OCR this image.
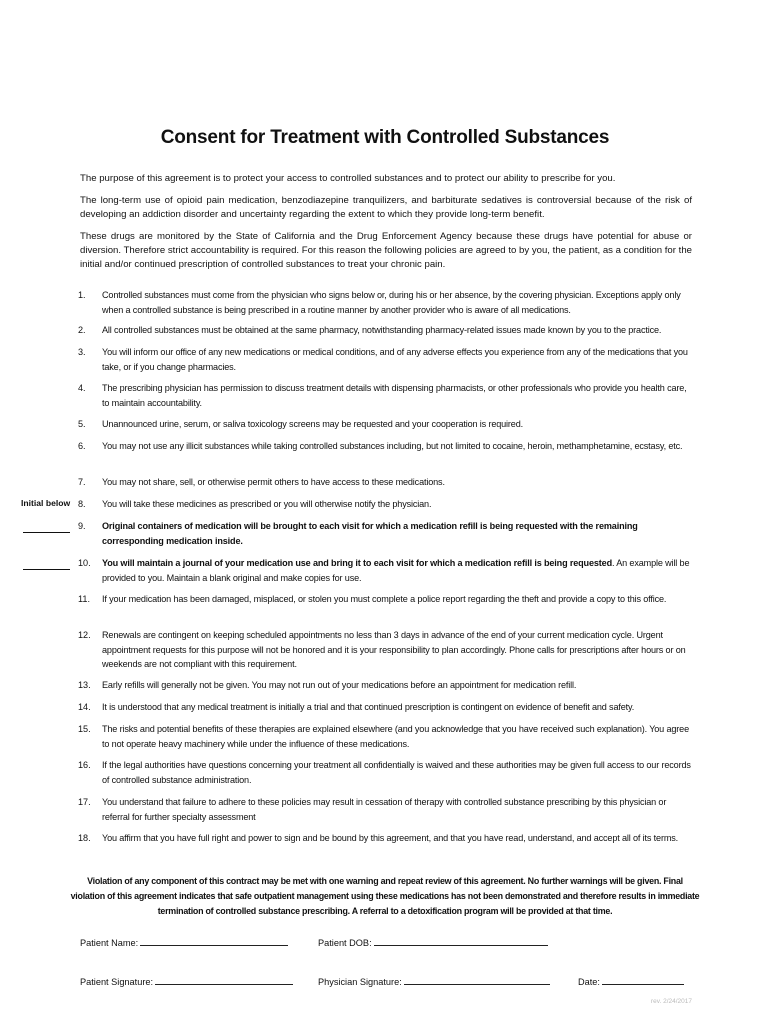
Consent for Treatment with Controlled Substances

The purpose of this agreement is to protect your access to controlled substances and to protect our ability to prescribe for you.

The long-term use of opioid pain medication, benzodiazepine tranquilizers, and barbiturate sedatives is controversial because of the risk of developing an addiction disorder and uncertainty regarding the extent to which they provide long-term benefit.

These drugs are monitored by the State of California and the Drug Enforcement Agency because these drugs have potential for abuse or diversion. Therefore strict accountability is required. For this reason the following policies are agreed to by you, the patient, as a condition for the initial and/or continued prescription of controlled substances to treat your chronic pain.

1.	Controlled substances must come from the physician who signs below or, during his or her absence, by the covering physician. Exceptions apply only when a controlled substance is being prescribed in a routine manner by another provider who is aware of all medications.
2.	All controlled substances must be obtained at the same pharmacy, notwithstanding pharmacy-related issues made known by you to the practice.
3.	You will inform our office of any new medications or medical conditions, and of any adverse effects you experience from any of the medications that you take, or if you change pharmacies.
4.	The prescribing physician has permission to discuss treatment details with dispensing pharmacists, or other professionals who provide you health care, to maintain accountability.
5.	Unannounced urine, serum, or saliva toxicology screens may be requested and your cooperation is required.
6.	You may not use any illicit substances while taking controlled substances including, but not limited to cocaine, heroin, methamphetamine, ecstasy, etc.
7.	You may not share, sell, or otherwise permit others to have access to these medications.
8.	You will take these medicines as prescribed or you will otherwise notify the physician.
9.	Original containers of medication will be brought to each visit for which a medication refill is being requested with the remaining corresponding medication inside.
10.	You will maintain a journal of your medication use and bring it to each visit for which a medication refill is being requested. An example will be provided to you. Maintain a blank original and make copies for use.
11.	If your medication has been damaged, misplaced, or stolen you must complete a police report regarding the theft and provide a copy to this office.
12.	Renewals are contingent on keeping scheduled appointments no less than 3 days in advance of the end of your current medication cycle. Urgent appointment requests for this purpose will not be honored and it is your responsibility to plan accordingly. Phone calls for prescriptions after hours or on weekends are not compliant with this requirement.
13.	Early refills will generally not be given. You may not run out of your medications before an appointment for medication refill.
14.	It is understood that any medical treatment is initially a trial and that continued prescription is contingent on evidence of benefit and safety.
15.	The risks and potential benefits of these therapies are explained elsewhere (and you acknowledge that you have received such explanation). You agree to not operate heavy machinery while under the influence of these medications.
16.	If the legal authorities have questions concerning your treatment all confidentially is waived and these authorities may be given full access to our records of controlled substance administration.
17.	You understand that failure to adhere to these policies may result in cessation of therapy with controlled substance prescribing by this physician or referral for further specialty assessment
18.	You affirm that you have full right and power to sign and be bound by this agreement, and that you have read, understand, and accept all of its terms.
Initial below
Violation of any component of this contract may be met with one warning and repeat review of this agreement. No further warnings will be given. Final violation of this agreement indicates that safe outpatient management using these medications has not been demonstrated and therefore results in immediate termination of controlled substance prescribing. A referral to a detoxification program will be provided at that time.
Patient Name:	Patient DOB:
Patient Signature:	Physician Signature:	Date:
rev. 2/24/2017
